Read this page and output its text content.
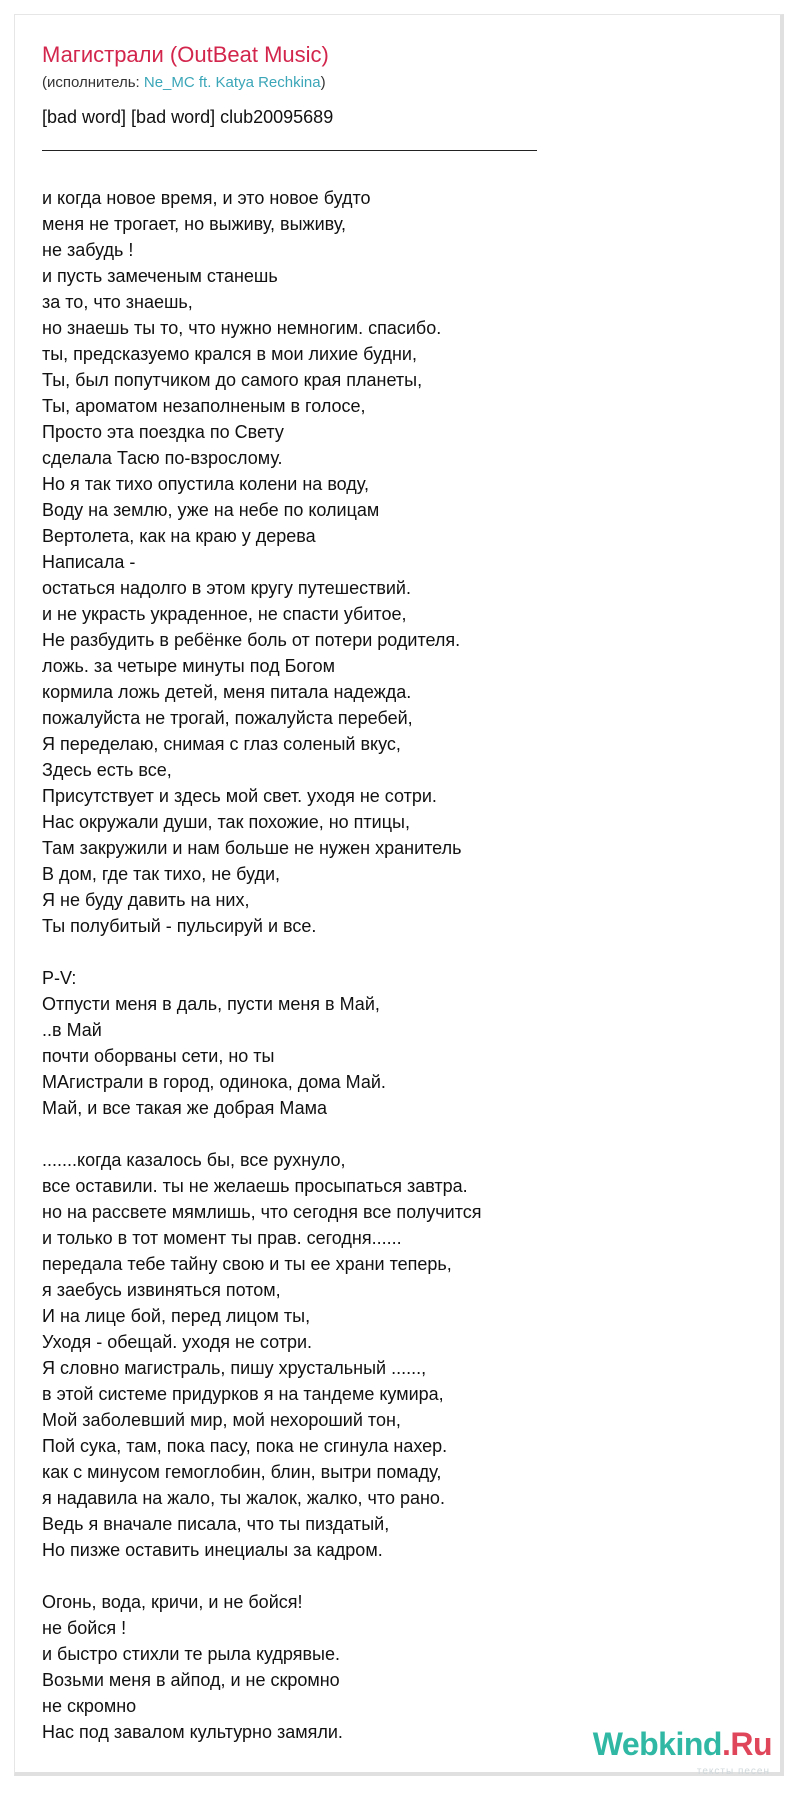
Магистрали (OutBeat Music)
(исполнитель: Ne_MC ft. Katya Rechkina)
[bad word] [bad word] club20095689
и когда новое время, и это новое будто
меня не трогает, но выживу, выживу,
не забудь !
и пусть замеченым станешь
за то, что знаешь,
но знаешь ты то, что нужно немногим. спасибо.
ты, предсказуемо крался в мои лихие будни,
Ты, был попутчиком до самого края планеты,
Ты, ароматом незаполненым в голосе,
Просто эта поездка по Свету
сделала Тасю по-взрослому.
Но я так тихо опустила колени на воду,
Воду на землю, уже на небе по колицам
Вертолета, как на краю у дерева
Написала -
остаться надолго в этом кругу путешествий.
и не украсть украденное, не спасти убитое,
Не разбудить в ребёнке боль от потери родителя.
ложь. за четыре минуты под Богом
кормила ложь детей, меня питала надежда.
пожалуйста не трогай, пожалуйста перебей,
Я переделаю, снимая с глаз соленый вкус,
Здесь есть все,
Присутствует и здесь мой свет. уходя не сотри.
Нас окружали души, так похожие, но птицы,
Там закружили и нам больше не нужен хранитель
В дом, где так тихо, не буди,
Я не буду давить на них,
Ты полубитый - пульсируй и все.
P-V:
Отпусти меня в даль, пусти меня в Май,
..в Май
почти оборваны сети, но ты
МАгистрали в город, одинока, дома Май.
Май, и все такая же добрая Мама
.......когда казалось бы, все рухнуло,
все оставили. ты не желаешь просыпаться завтра.
но на рассвете мямлишь, что сегодня все получится
и только в тот момент ты прав. сегодня......
передала тебе тайну свою и ты ее храни теперь,
я заебусь извиняться потом,
И на лице бой, перед лицом ты,
Уходя - обещай. уходя не сотри.
Я словно магистраль, пишу хрустальный ......,
в этой системе придурков я на тандеме кумира,
Мой заболевший мир, мой нехороший тон,
Пой сука, там, пока пасу, пока не сгинула нахер.
как с минусом гемоглобин, блин, вытри помаду,
я надавила на жало, ты жалок, жалко, что рано.
Ведь я вначале писала, что ты пиздатый,
Но пизже оставить инециалы за кадром.
Огонь, вода, кричи, и не бойся!
не бойся !
и быстро стихли те рыла кудрявые.
Возьми меня в айпод, и не скромно
не скромно
Нас под завалом культурно замяли.	Webkind.Ru
тексты песен
